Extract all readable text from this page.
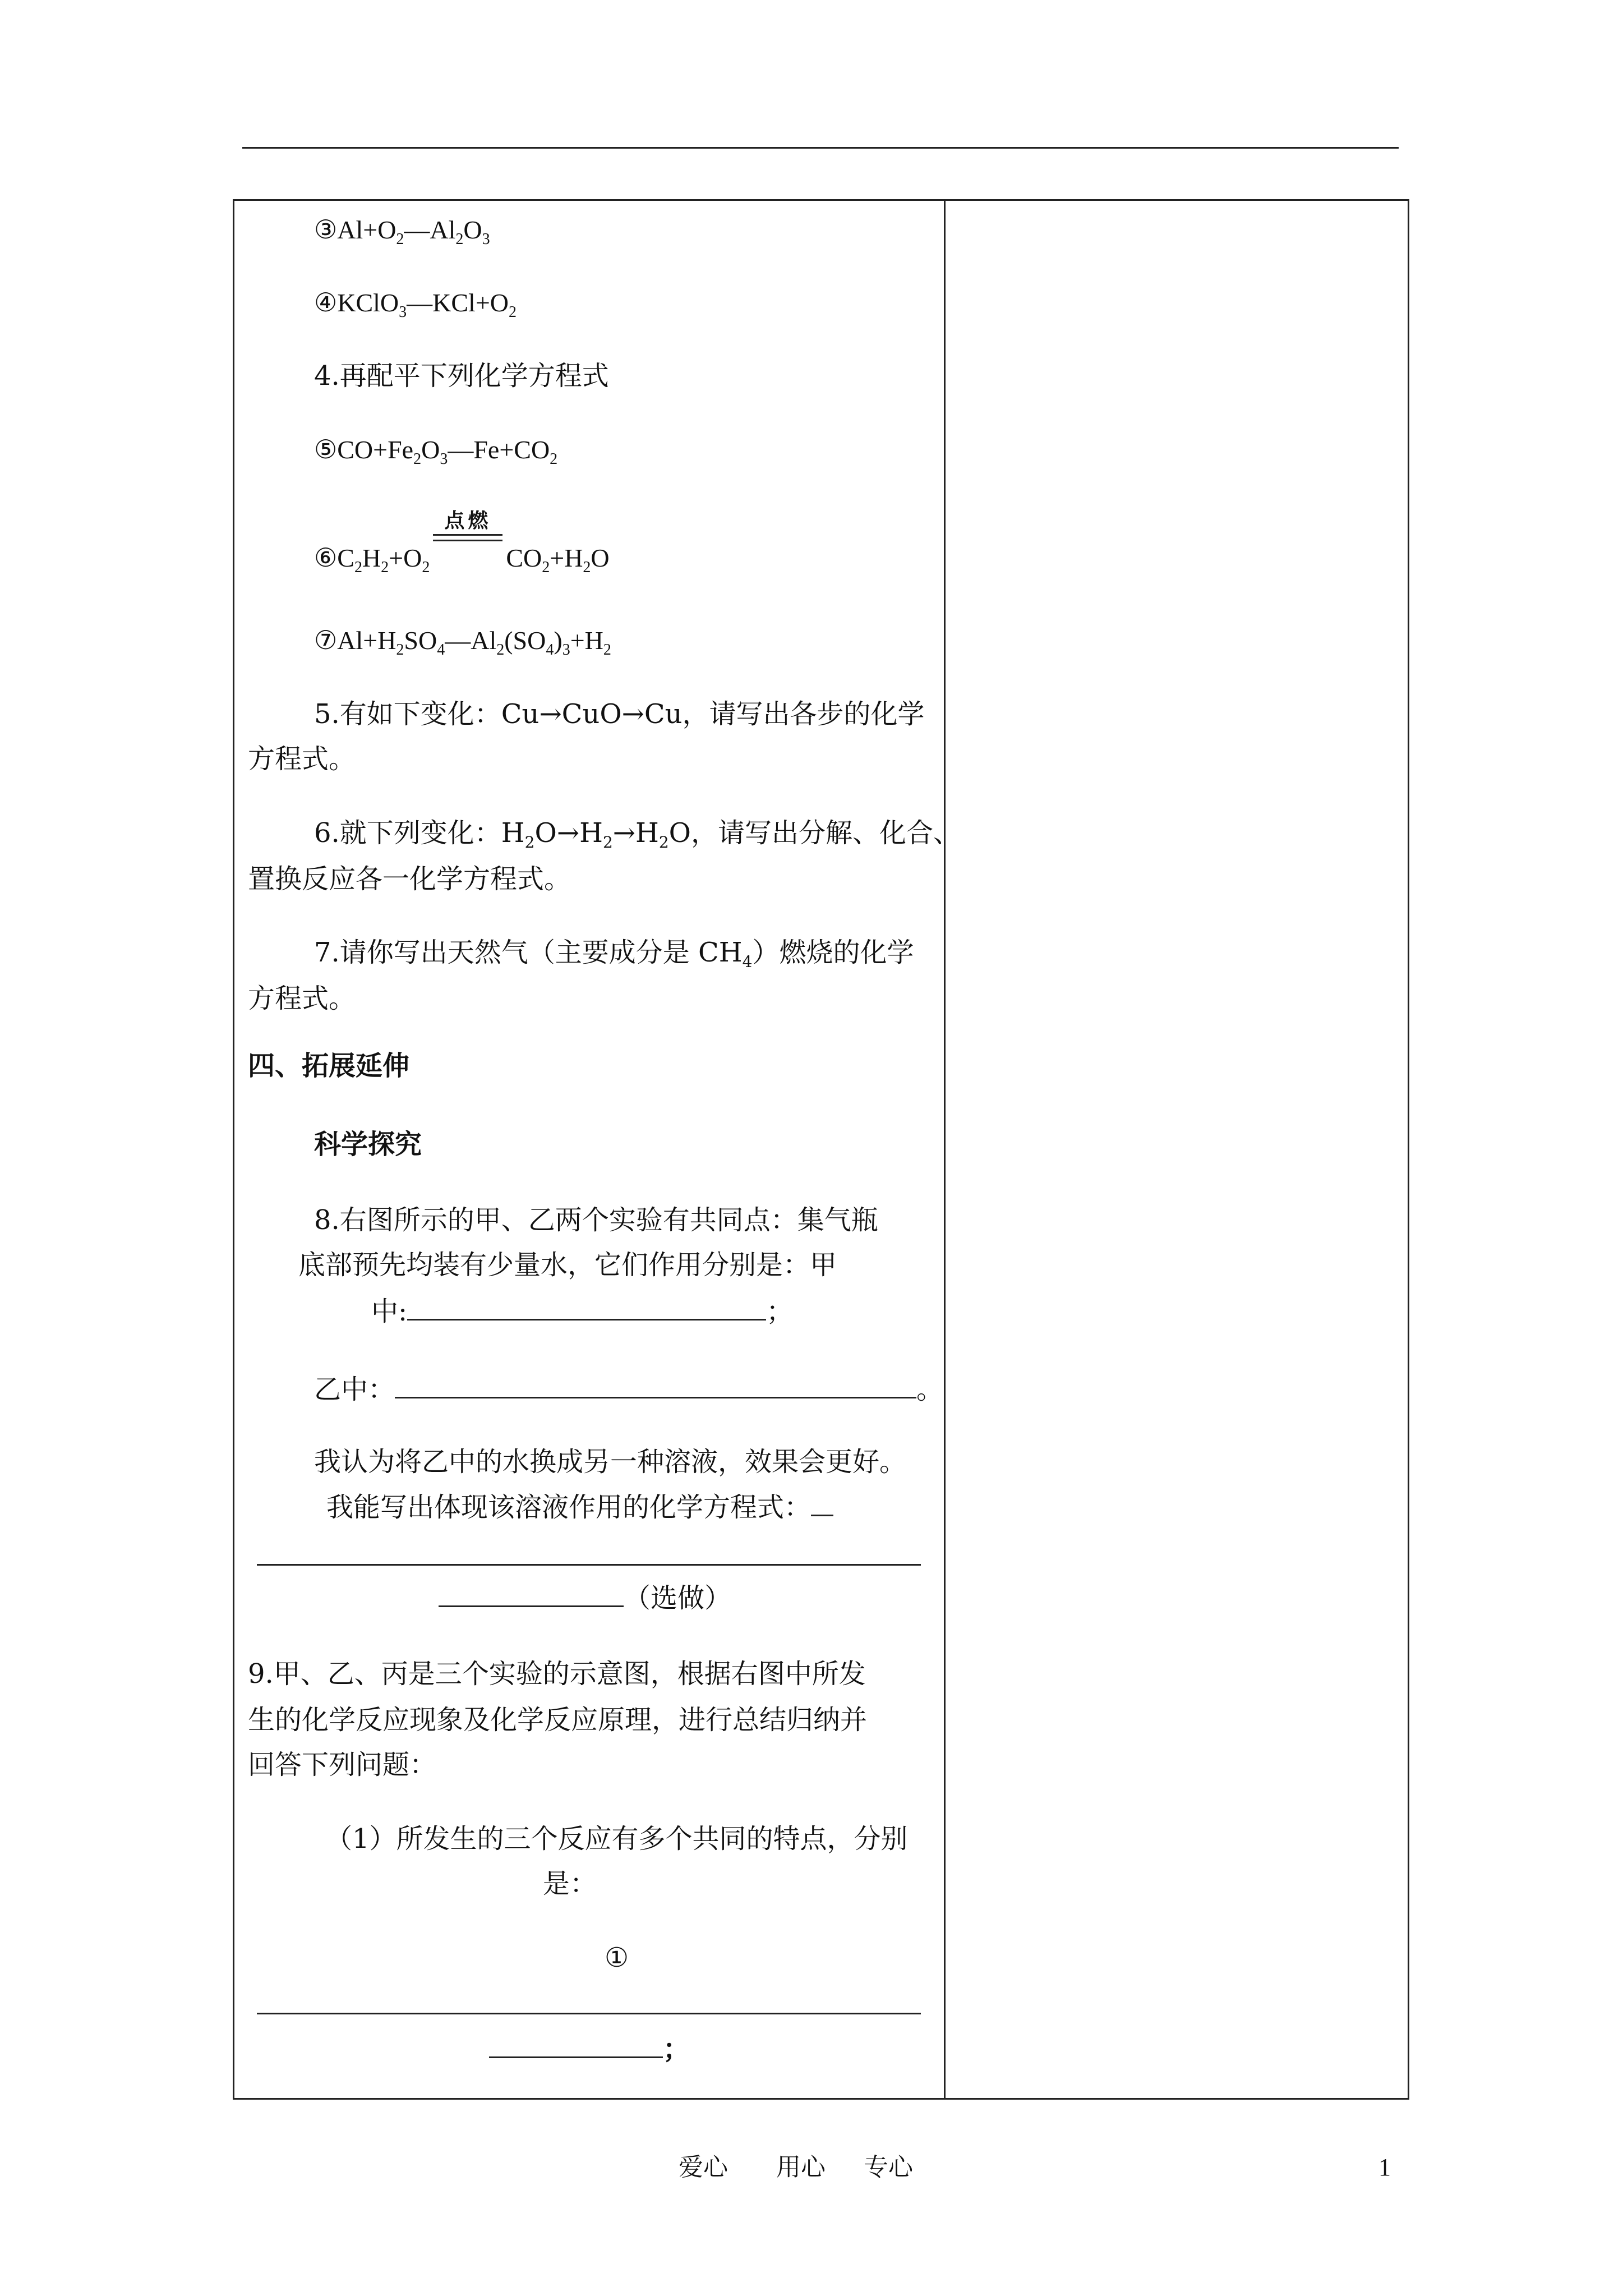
$③Al+O_2—Al_2O_3$
$④KClO_3—KCl+O_2$
4.再配平下列化学方程式
$⑤CO+Fe_2O_3—Fe+CO_2$
$⑥C_2H_2+O_2$
点燃
$CO_2+H_2O$
$⑦Al+H_2SO_4—Al_2(SO_4)_3+H_2$
5.有如下变化：Cu→CuO→Cu，请写出各步的化学
方程式。
6.就下列变化：$H_2O\to H_2\to H_2O$，请写出分解、化合、
置换反应各一化学方程式。
7.请你写出天然气（主要成分是 $CH_4$）燃烧的化学
方程式。
四、拓展延伸
科学探究
8.右图所示的甲、乙两个实验有共同点：集气瓶
底部预先均装有少量水，它们作用分别是：甲
中:	；
乙中：	。
我认为将乙中的水换成另一种溶液，效果会更好。
我能写出体现该溶液作用的化学方程式：
（选做）
9.甲、乙、丙是三个实验的示意图，根据右图中所发
生的化学反应现象及化学反应原理，进行总结归纳并
回答下列问题：
（1）所发生的三个反应有多个共同的特点，分别
是：
①
；
爱心 用心 专心	1
